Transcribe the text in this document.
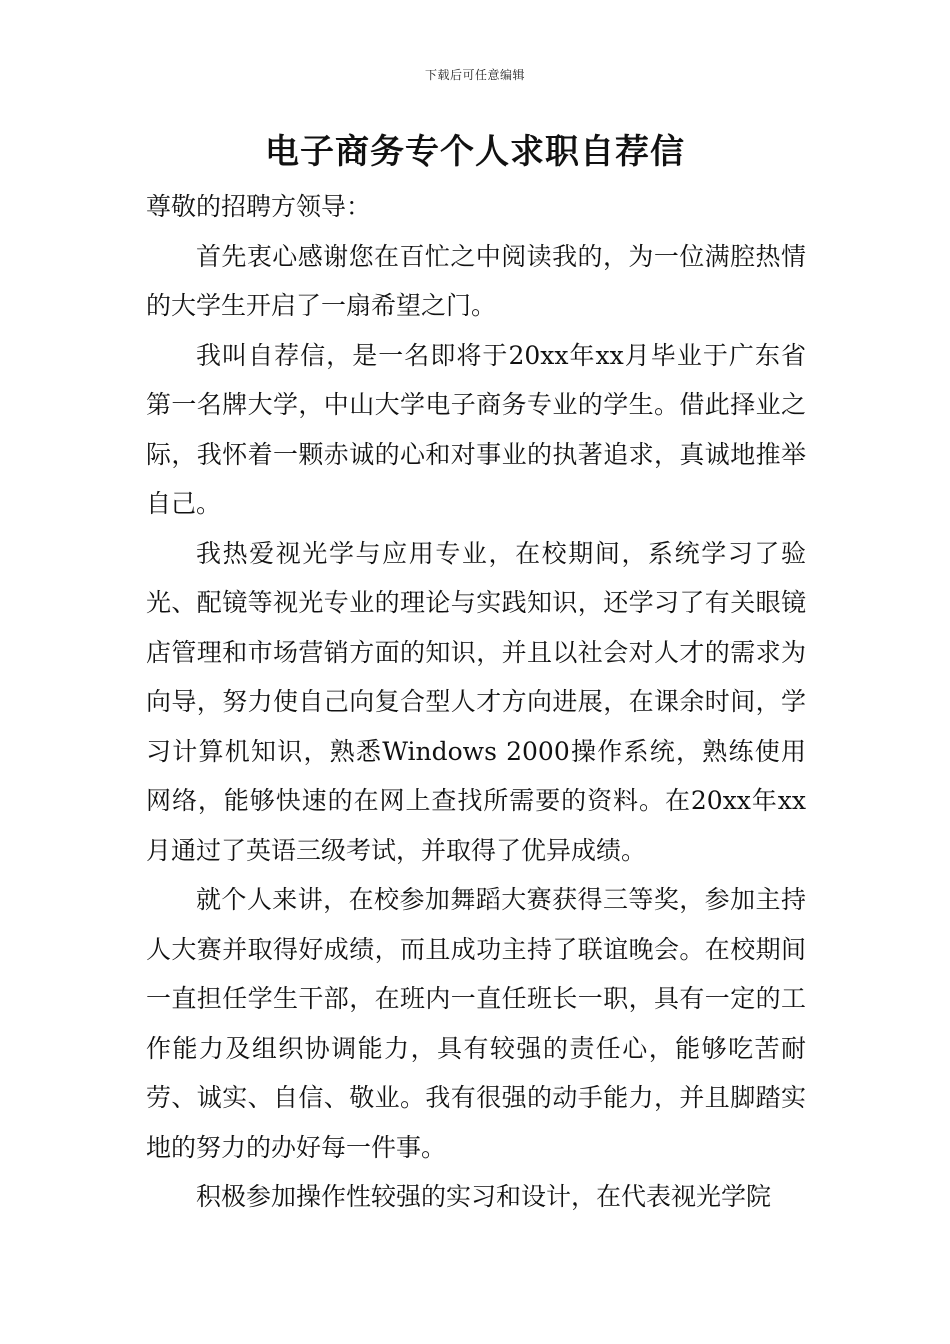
下载后可任意编辑
电子商务专个人求职自荐信

尊敬的招聘方领导：

首先衷心感谢您在百忙之中阅读我的，为一位满腔热情的大学生开启了一扇希望之门。

我叫自荐信，是一名即将于20xx年xx月毕业于广东省第一名牌大学，中山大学电子商务专业的学生。借此择业之际，我怀着一颗赤诚的心和对事业的执著追求，真诚地推举自己。

我热爱视光学与应用专业，在校期间，系统学习了验光、配镜等视光专业的理论与实践知识，还学习了有关眼镜店管理和市场营销方面的知识，并且以社会对人才的需求为向导，努力使自己向复合型人才方向进展，在课余时间，学习计算机知识，熟悉Windows 2000操作系统，熟练使用网络，能够快速的在网上查找所需要的资料。在20xx年xx月通过了英语三级考试，并取得了优异成绩。

就个人来讲，在校参加舞蹈大赛获得三等奖，参加主持人大赛并取得好成绩，而且成功主持了联谊晚会。在校期间一直担任学生干部，在班内一直任班长一职，具有一定的工作能力及组织协调能力，具有较强的责任心，能够吃苦耐劳、诚实、自信、敬业。我有很强的动手能力，并且脚踏实地的努力的办好每一件事。

积极参加操作性较强的实习和设计，在代表视光学院
